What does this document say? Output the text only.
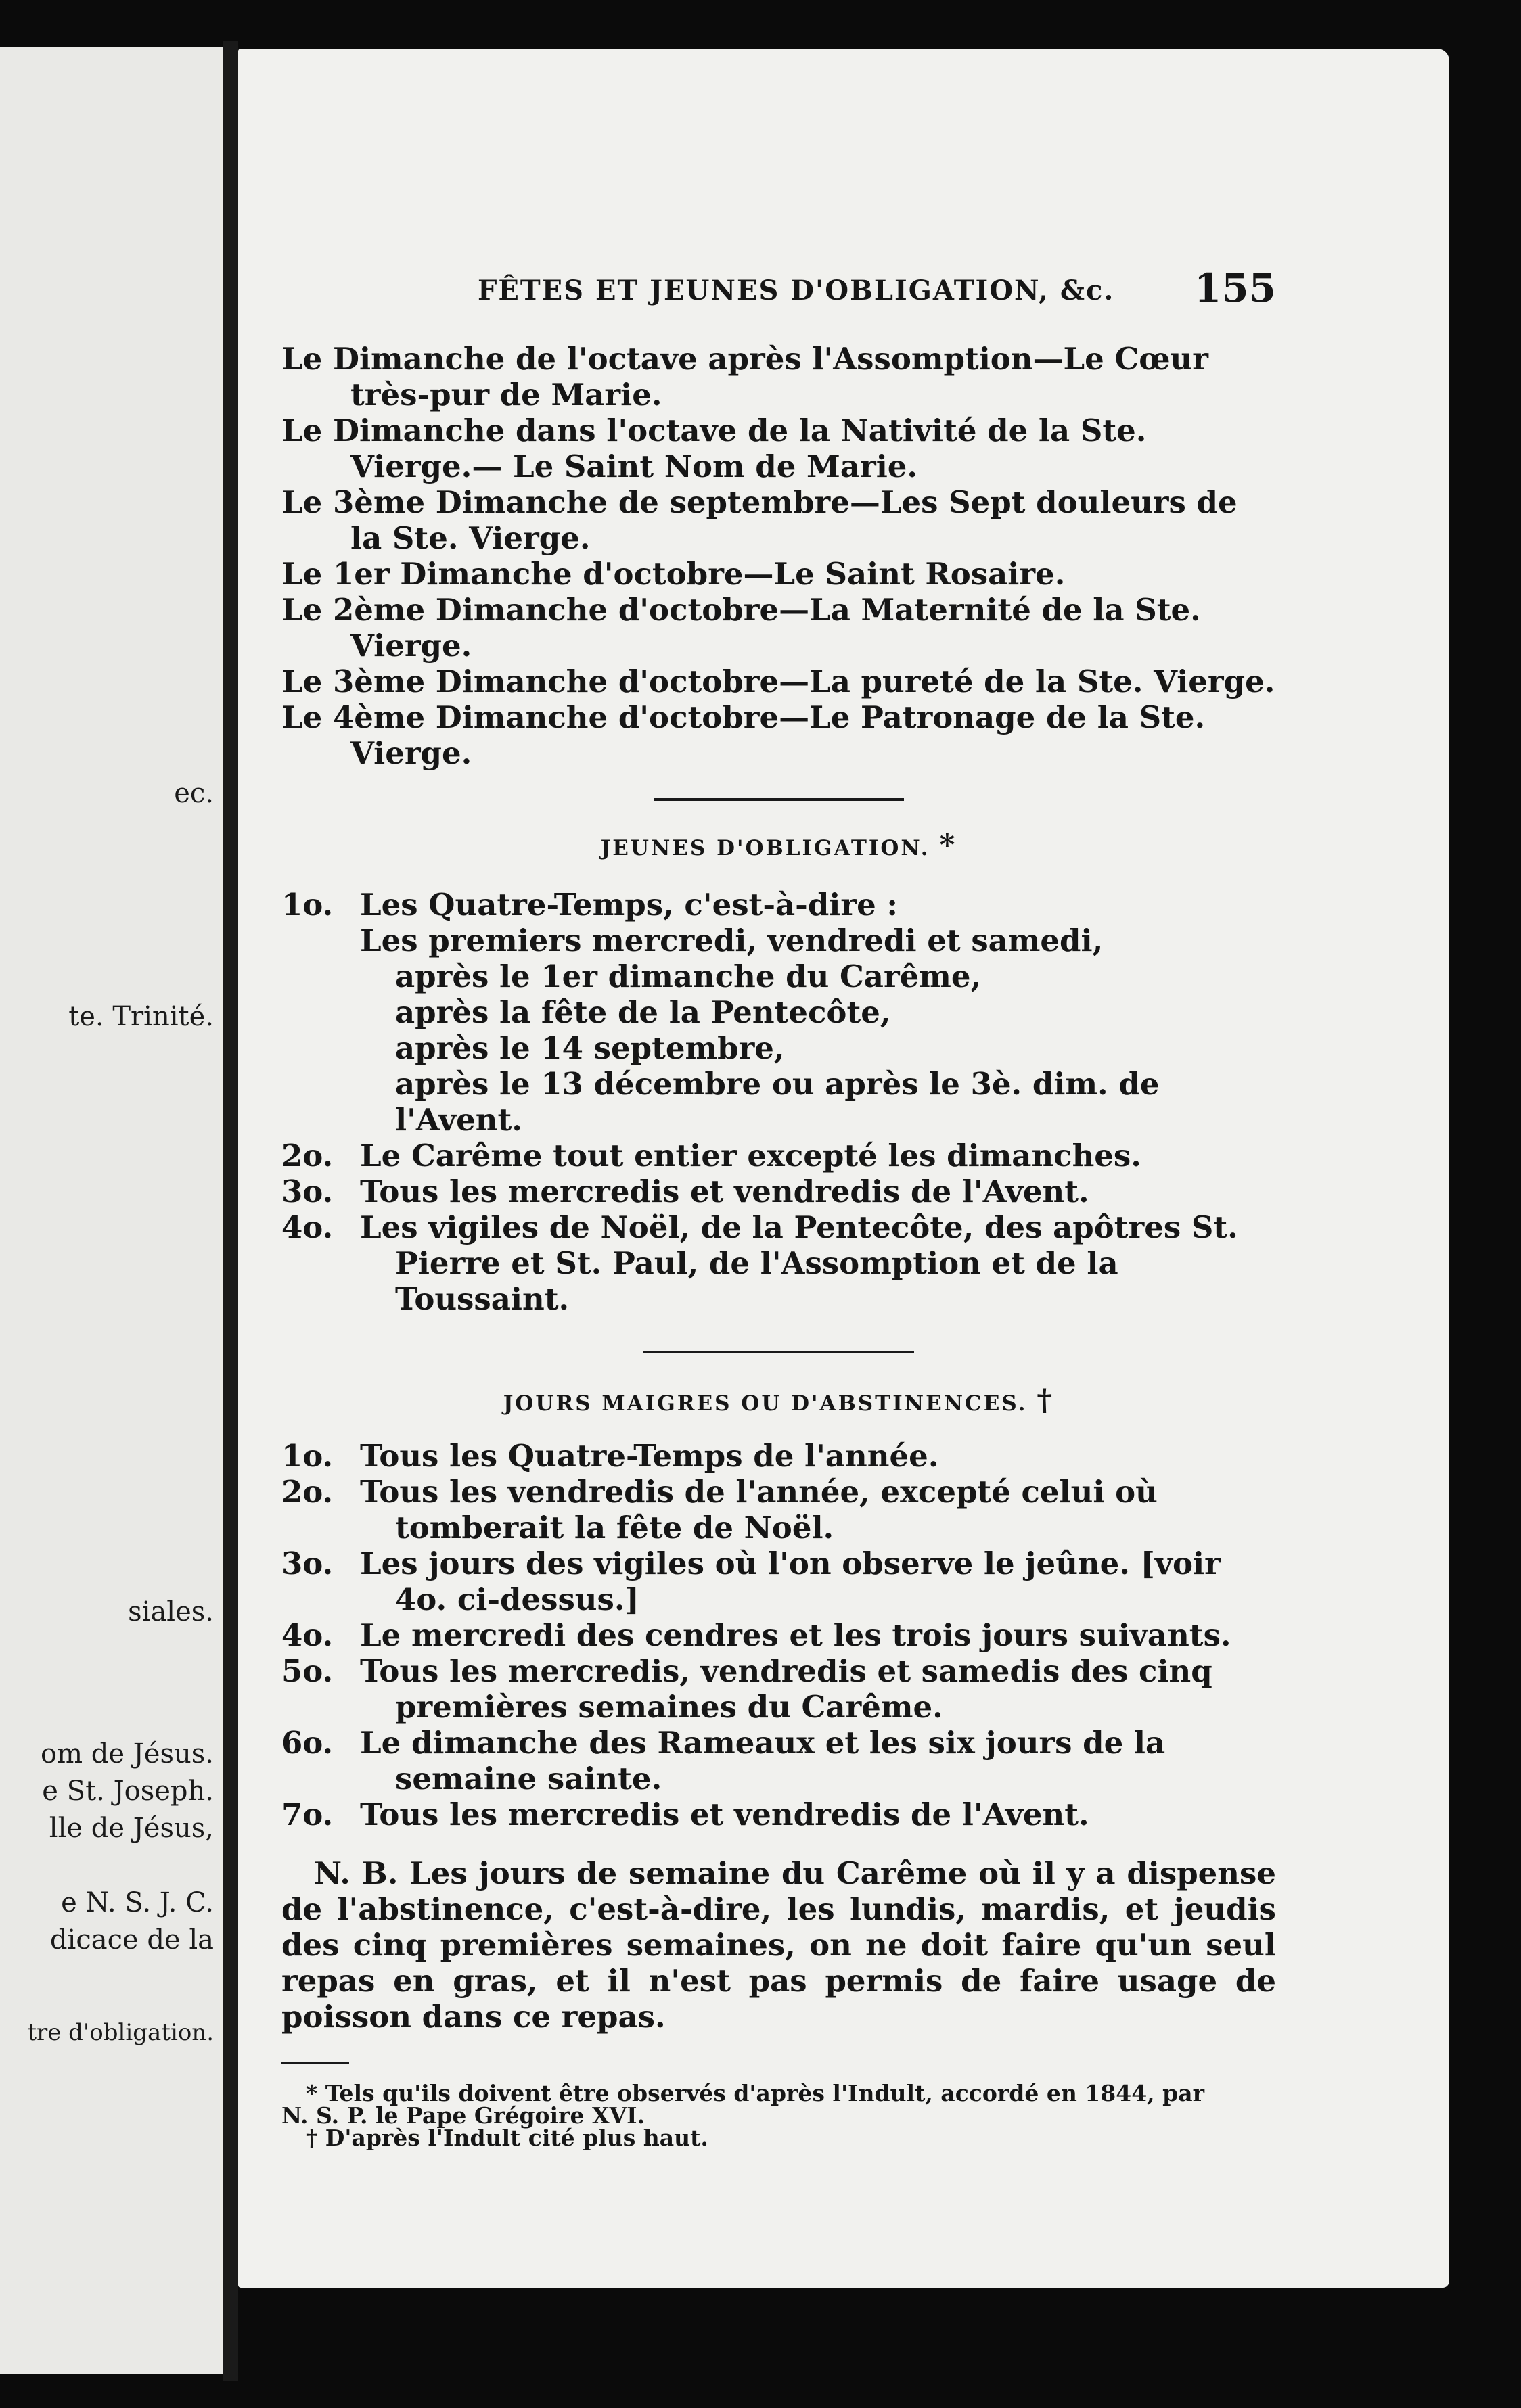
ec.
te. Trinité.
siales.
om de Jésus.
e St. Joseph.
lle de Jésus,
e N. S. J. C.
dicace de la
tre d'obligation.
FÊTES ET JEUNES D'OBLIGATION, &c. 155
Le Dimanche de l'octave après l'Assomption—Le Cœur très-pur de Marie.
Le Dimanche dans l'octave de la Nativité de la Ste. Vierge.— Le Saint Nom de Marie.
Le 3ème Dimanche de septembre—Les Sept douleurs de la Ste. Vierge.
Le 1er Dimanche d'octobre—Le Saint Rosaire.
Le 2ème Dimanche d'octobre—La Maternité de la Ste. Vierge.
Le 3ème Dimanche d'octobre—La pureté de la Ste. Vierge.
Le 4ème Dimanche d'octobre—Le Patronage de la Ste. Vierge.
JEUNES D'OBLIGATION. *
1o. Les Quatre-Temps, c'est-à-dire :
Les premiers mercredi, vendredi et samedi,
après le 1er dimanche du Carême,
après la fête de la Pentecôte,
après le 14 septembre,
après le 13 décembre ou après le 3è. dim. de l'Avent.
2o. Le Carême tout entier excepté les dimanches.
3o. Tous les mercredis et vendredis de l'Avent.
4o. Les vigiles de Noël, de la Pentecôte, des apôtres St. Pierre et St. Paul, de l'Assomption et de la Toussaint.
JOURS MAIGRES OU D'ABSTINENCES. †
1o. Tous les Quatre-Temps de l'année.
2o. Tous les vendredis de l'année, excepté celui où tomberait la fête de Noël.
3o. Les jours des vigiles où l'on observe le jeûne. [voir 4o. ci-dessus.]
4o. Le mercredi des cendres et les trois jours suivants.
5o. Tous les mercredis, vendredis et samedis des cinq premières semaines du Carême.
6o. Le dimanche des Rameaux et les six jours de la semaine sainte.
7o. Tous les mercredis et vendredis de l'Avent.
N. B. Les jours de semaine du Carême où il y a dispense de l'abstinence, c'est-à-dire, les lundis, mardis, et jeudis des cinq premières semaines, on ne doit faire qu'un seul repas en gras, et il n'est pas permis de faire usage de poisson dans ce repas.
* Tels qu'ils doivent être observés d'après l'Indult, accordé en 1844, par
N. S. P. le Pape Grégoire XVI.
† D'après l'Indult cité plus haut.
